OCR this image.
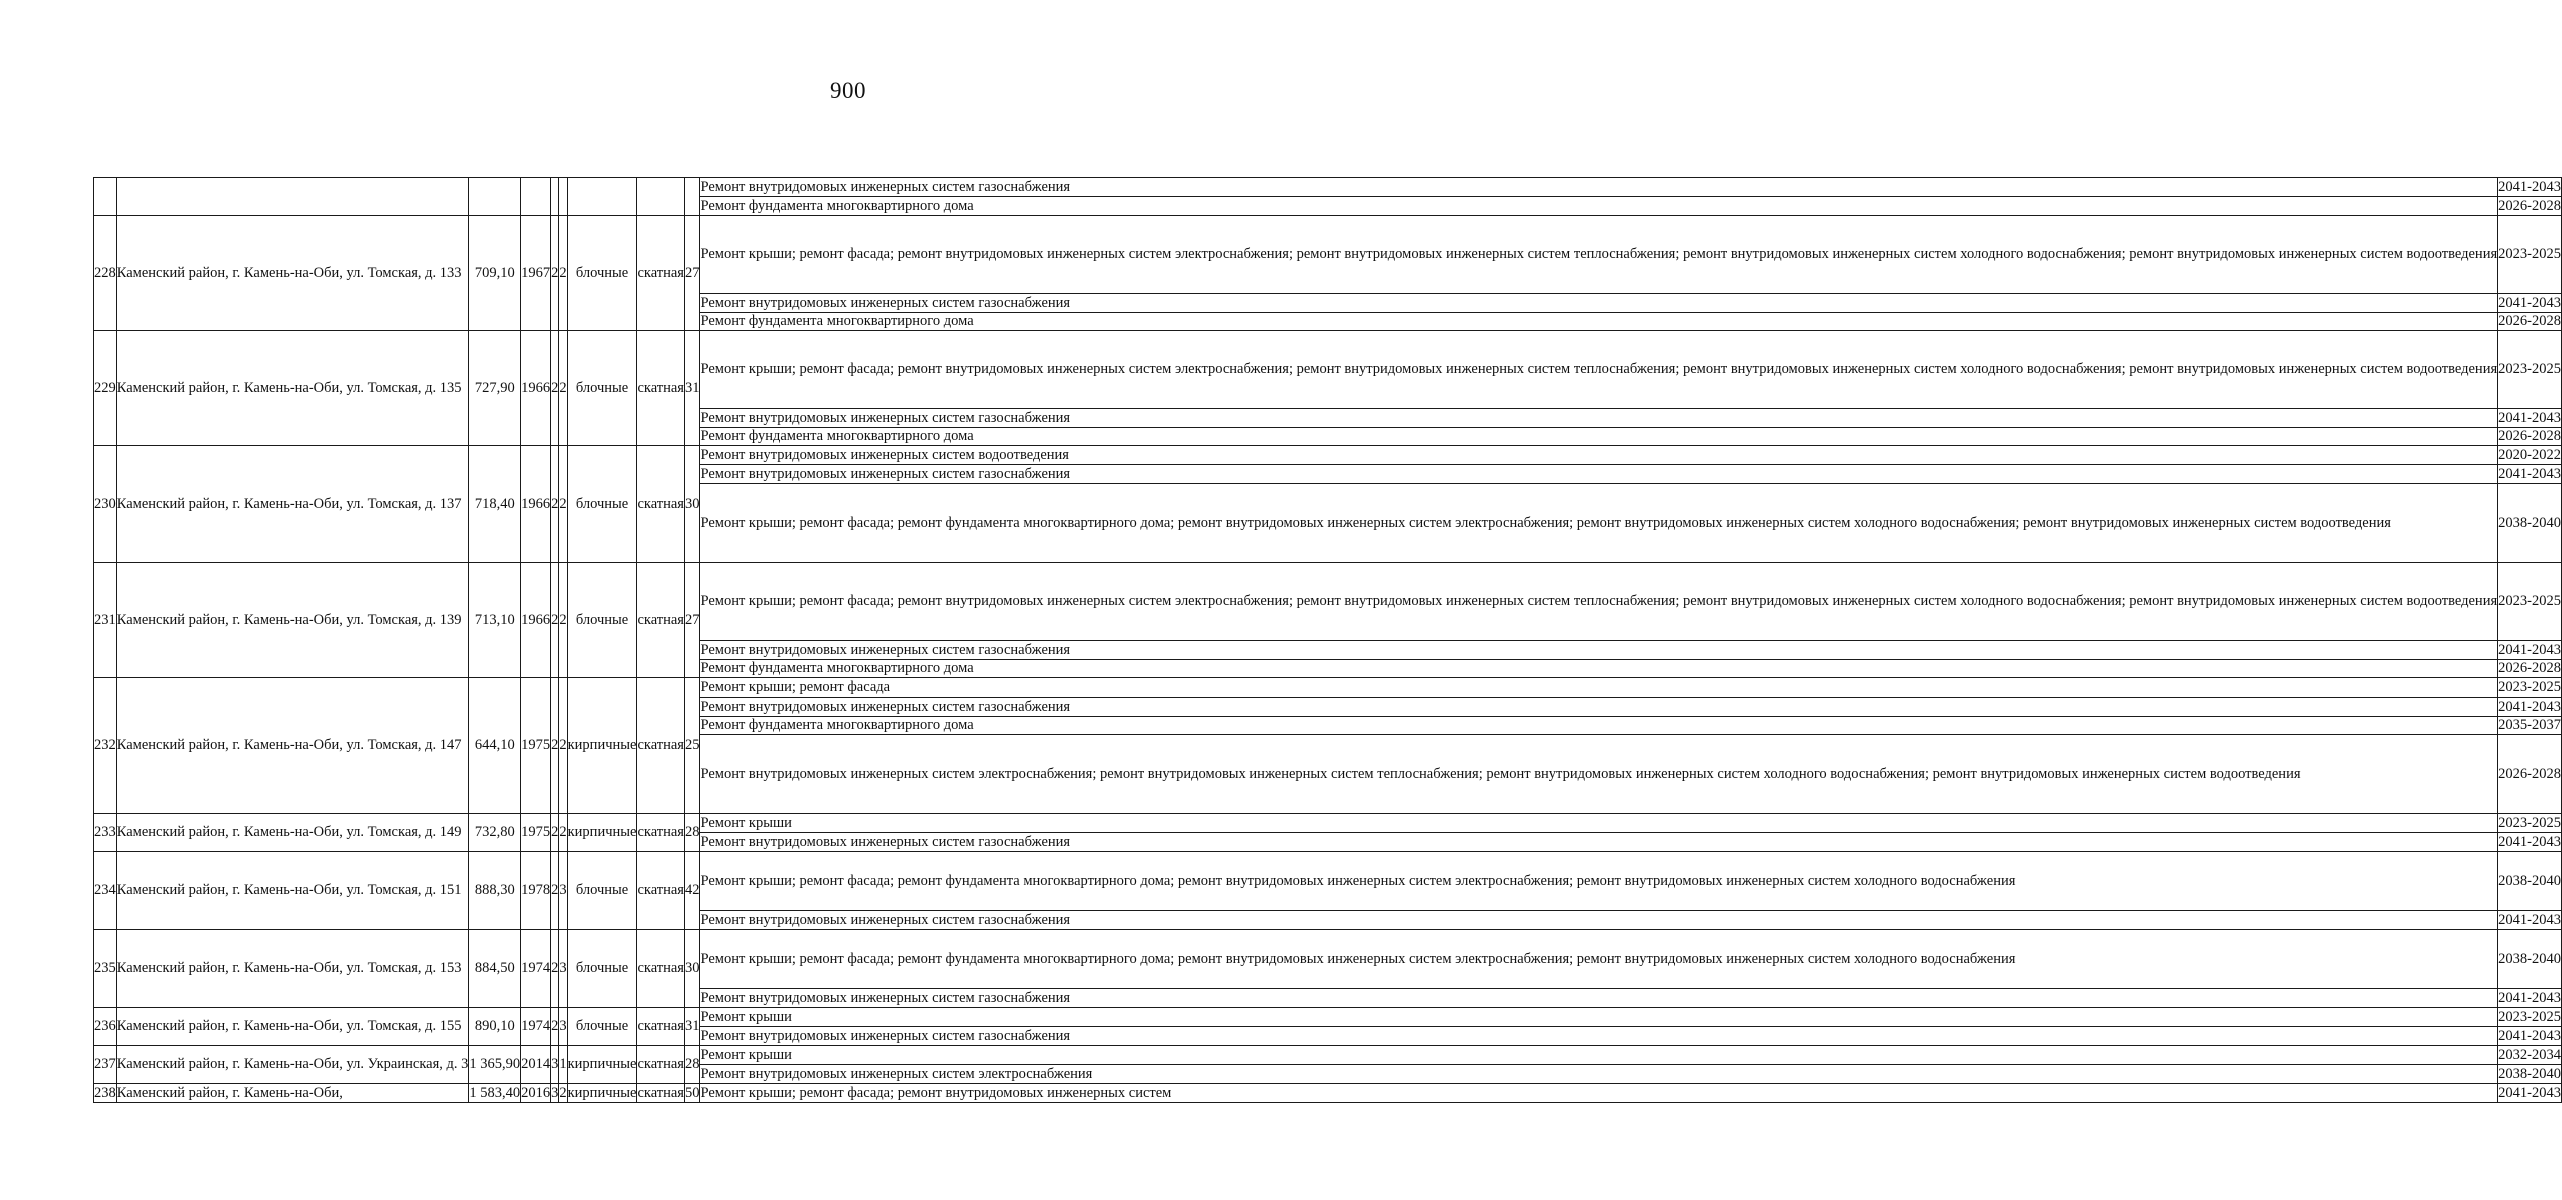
900
									Ремонт внутридомовых инженерных систем газоснабжения	2041-2043
									Ремонт фундамента многоквартирного дома	2026-2028
228	Каменский район, г. Камень-на-Оби, ул. Томская, д. 133	709,10	1967	2	2	блочные	скатная	27	Ремонт крыши; ремонт фасада; ремонт внутридомовых инженерных систем электроснабжения; ремонт внутридомовых инженерных систем теплоснабжения; ремонт внутридомовых инженерных систем холодного водоснабжения; ремонт внутридомовых инженерных систем водоотведения	2023-2025
									Ремонт внутридомовых инженерных систем газоснабжения	2041-2043
									Ремонт фундамента многоквартирного дома	2026-2028
229	Каменский район, г. Камень-на-Оби, ул. Томская, д. 135	727,90	1966	2	2	блочные	скатная	31	Ремонт крыши; ремонт фасада; ремонт внутридомовых инженерных систем электроснабжения; ремонт внутридомовых инженерных систем теплоснабжения; ремонт внутридомовых инженерных систем холодного водоснабжения; ремонт внутридомовых инженерных систем водоотведения	2023-2025
									Ремонт внутридомовых инженерных систем газоснабжения	2041-2043
									Ремонт фундамента многоквартирного дома	2026-2028
230	Каменский район, г. Камень-на-Оби, ул. Томская, д. 137	718,40	1966	2	2	блочные	скатная	30	Ремонт внутридомовых инженерных систем водоотведения	2020-2022
									Ремонт внутридомовых инженерных систем газоснабжения	2041-2043
									Ремонт крыши; ремонт фасада; ремонт фундамента многоквартирного дома; ремонт внутридомовых инженерных систем электроснабжения; ремонт внутридомовых инженерных систем холодного водоснабжения; ремонт внутридомовых инженерных систем водоотведения	2038-2040
231	Каменский район, г. Камень-на-Оби, ул. Томская, д. 139	713,10	1966	2	2	блочные	скатная	27	Ремонт крыши; ремонт фасада; ремонт внутридомовых инженерных систем электроснабжения; ремонт внутридомовых инженерных систем теплоснабжения; ремонт внутридомовых инженерных систем холодного водоснабжения; ремонт внутридомовых инженерных систем водоотведения	2023-2025
									Ремонт внутридомовых инженерных систем газоснабжения	2041-2043
									Ремонт фундамента многоквартирного дома	2026-2028
232	Каменский район, г. Камень-на-Оби, ул. Томская, д. 147	644,10	1975	2	2	кирпичные	скатная	25	Ремонт крыши; ремонт фасада	2023-2025
									Ремонт внутридомовых инженерных систем газоснабжения	2041-2043
									Ремонт фундамента многоквартирного дома	2035-2037
									Ремонт внутридомовых инженерных систем электроснабжения; ремонт внутридомовых инженерных систем теплоснабжения; ремонт внутридомовых инженерных систем холодного водоснабжения; ремонт внутридомовых инженерных систем водоотведения	2026-2028
233	Каменский район, г. Камень-на-Оби, ул. Томская, д. 149	732,80	1975	2	2	кирпичные	скатная	28	Ремонт крыши	2023-2025
									Ремонт внутридомовых инженерных систем газоснабжения	2041-2043
234	Каменский район, г. Камень-на-Оби, ул. Томская, д. 151	888,30	1978	2	3	блочные	скатная	42	Ремонт крыши; ремонт фасада; ремонт фундамента многоквартирного дома; ремонт внутридомовых инженерных систем электроснабжения; ремонт внутридомовых инженерных систем холодного водоснабжения	2038-2040
									Ремонт внутридомовых инженерных систем газоснабжения	2041-2043
235	Каменский район, г. Камень-на-Оби, ул. Томская, д. 153	884,50	1974	2	3	блочные	скатная	30	Ремонт крыши; ремонт фасада; ремонт фундамента многоквартирного дома; ремонт внутридомовых инженерных систем электроснабжения; ремонт внутридомовых инженерных систем холодного водоснабжения	2038-2040
									Ремонт внутридомовых инженерных систем газоснабжения	2041-2043
236	Каменский район, г. Камень-на-Оби, ул. Томская, д. 155	890,10	1974	2	3	блочные	скатная	31	Ремонт крыши	2023-2025
									Ремонт внутридомовых инженерных систем газоснабжения	2041-2043
237	Каменский район, г. Камень-на-Оби, ул. Украинская, д. 3	1 365,90	2014	3	1	кирпичные	скатная	28	Ремонт крыши	2032-2034
									Ремонт внутридомовых инженерных систем электроснабжения	2038-2040
238	Каменский район, г. Камень-на-Оби,	1 583,40	2016	3	2	кирпичные	скатная	50	Ремонт крыши; ремонт фасада; ремонт внутридомовых инженерных систем	2041-2043
